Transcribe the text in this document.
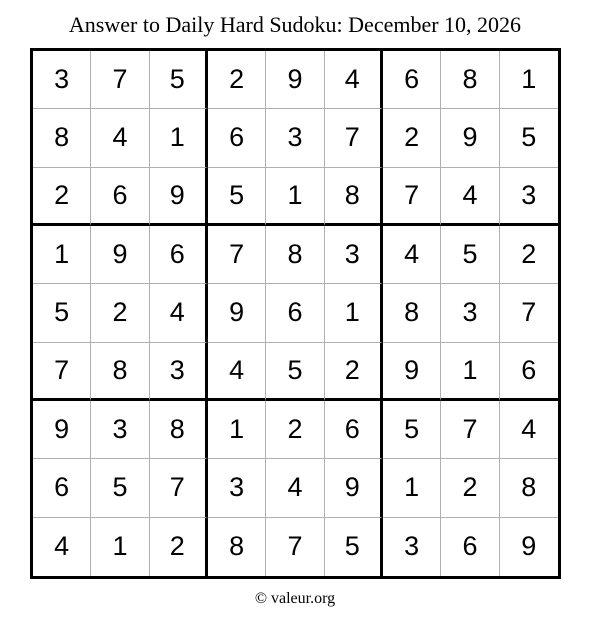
Answer to Daily Hard Sudoku: December 10, 2026
3	7	5	2	9	4	6	8	1
8	4	1	6	3	7	2	9	5
2	6	9	5	1	8	7	4	3
1	9	6	7	8	3	4	5	2
5	2	4	9	6	1	8	3	7
7	8	3	4	5	2	9	1	6
9	3	8	1	2	6	5	7	4
6	5	7	3	4	9	1	2	8
4	1	2	8	7	5	3	6	9
© valeur.org
